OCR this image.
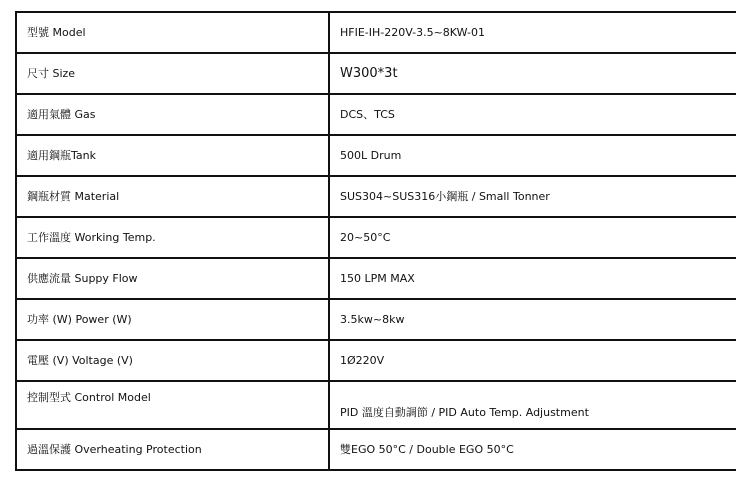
型號 Model	HFIE-IH-220V-3.5~8KW-01
尺寸 Size	W300*3t
適用氣體 Gas	DCS、TCS
適用鋼瓶Tank	500L Drum
鋼瓶材質 Material	SUS304~SUS316小鋼瓶 / Small Tonner
工作溫度 Working Temp.	20~50°C
供應流量 Suppy Flow	150 LPM MAX
功率 (W) Power (W)	3.5kw~8kw
電壓 (V) Voltage (V)	1Ø220V
控制型式 Control Model	PID 溫度自動調節 / PID Auto Temp. Adjustment
過溫保護 Overheating Protection	雙EGO 50°C / Double EGO 50°C
